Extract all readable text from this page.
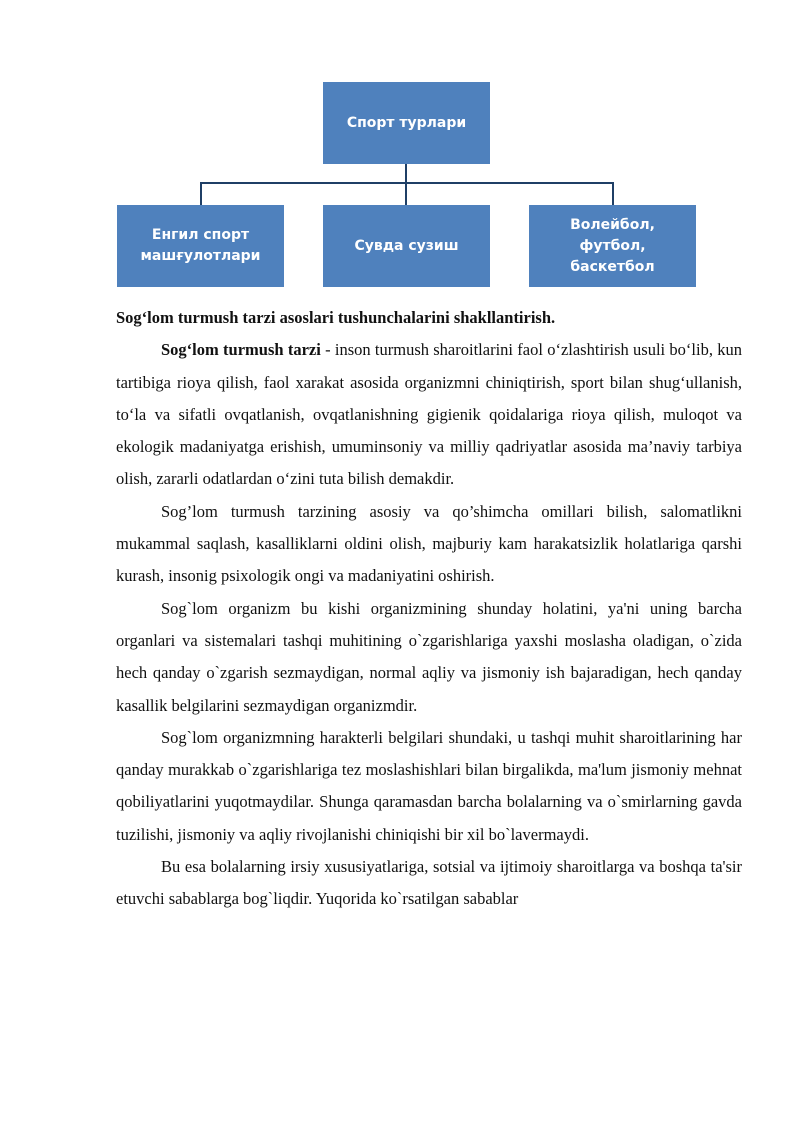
Спорт турлари
Енгил спорт
машғулотлари
Сувда сузиш
Волейбол,
футбол,
баскетбол

Sog‘lom turmush tarzi asoslari tushunchalarini shakllantirish.

Sog‘lom turmush tarzi - inson turmush sharoitlarini faol o‘zlashtirish usuli bo‘lib, kun tartibiga rioya qilish, faol xarakat asosida organizmni chiniqtirish, sport bilan shug‘ullanish, to‘la va sifatli ovqatlanish, ovqatlanishning gigienik qoidalariga rioya qilish, muloqot va ekologik madaniyatga erishish, umuminsoniy va milliy qadriyatlar asosida ma’naviy tarbiya olish, zararli odatlardan o‘zini tuta bilish demakdir.

Sog’lom turmush tarzining asosiy va qo’shimcha omillari bilish, salomatlikni mukammal saqlash, kasalliklarni oldini olish, majburiy kam harakatsizlik holatlariga qarshi kurash, insonig psixologik ongi va madaniyatini oshirish.

Sog`lom organizm bu kishi organizmining shunday holatini, ya'ni uning barcha organlari va sistemalari tashqi muhitining o`zgarishlariga yaxshi moslasha oladigan, o`zida hech qanday o`zgarish sezmaydigan, normal aqliy va jismoniy ish bajaradigan, hech qanday kasallik belgilarini sezmaydigan organizmdir.

Sog`lom organizmning harakterli belgilari shundaki, u tashqi muhit sharoitlarining har qanday murakkab o`zgarishlariga tez moslashishlari bilan birgalikda, ma'lum jismoniy mehnat qobiliyatlarini yuqotmaydilar. Shunga qaramasdan barcha bolalarning va o`smirlarning gavda tuzilishi, jismoniy va aqliy rivojlanishi chiniqishi bir xil bo`lavermaydi.

Bu esa bolalarning irsiy xususiyatlariga, sotsial va ijtimoiy sharoitlarga va boshqa ta'sir etuvchi sabablarga bog`liqdir. Yuqorida ko`rsatilgan sabablar
